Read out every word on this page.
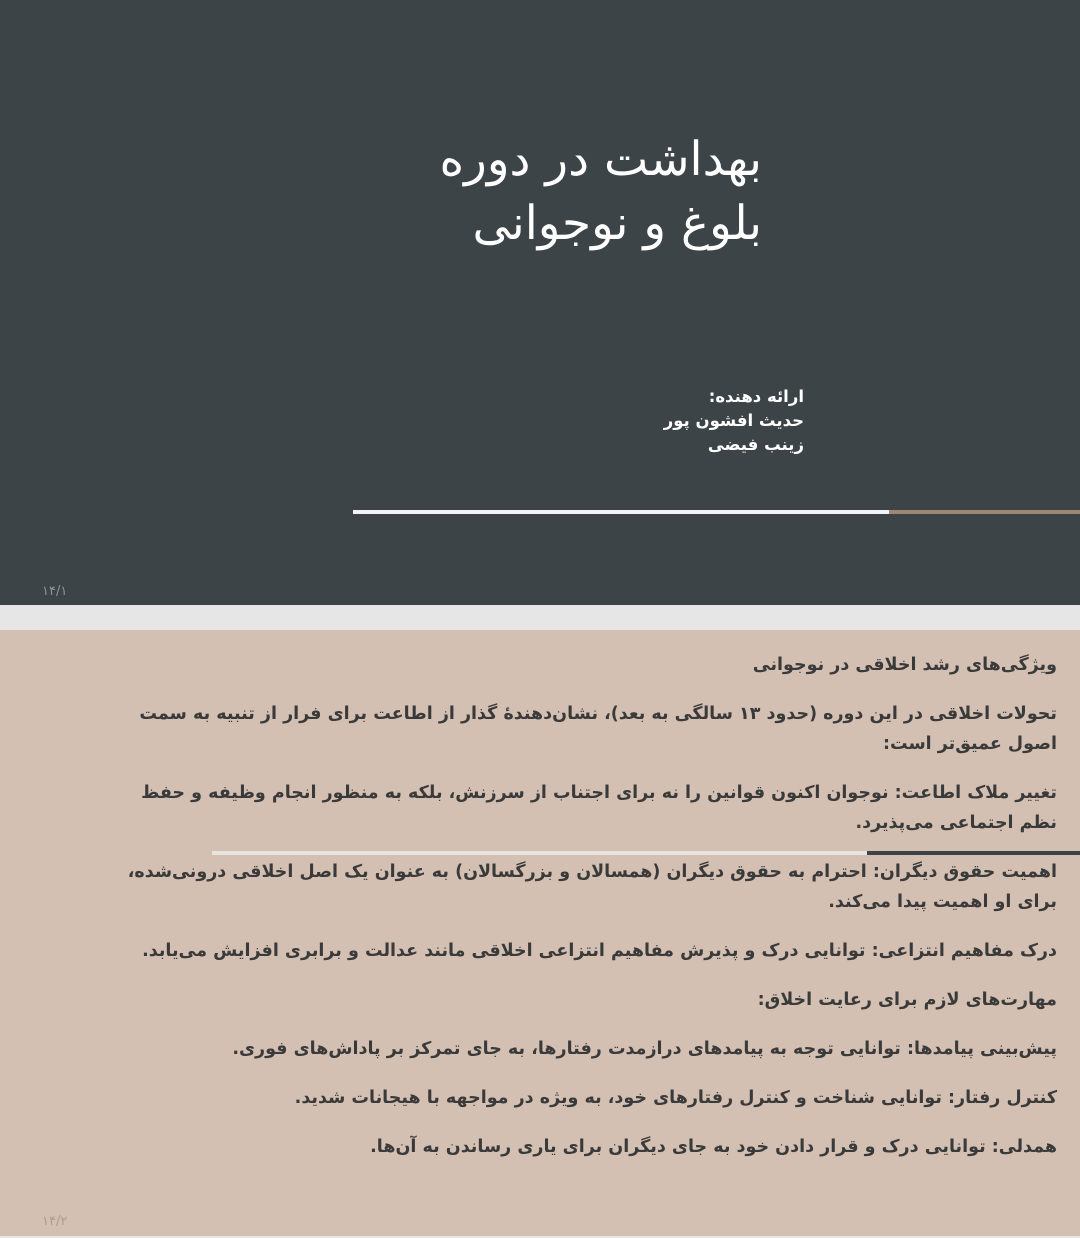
بهداشت در دوره
بلوغ و نوجوانی
ارائه دهنده:
حدیث افشون پور
زینب فیضی
۱۴/۱

ویژگی‌های رشد اخلاقی در نوجوانی

تحولات اخلاقی در این دوره (حدود ۱۳ سالگی به بعد)، نشان‌دهندهٔ گذار از اطاعت برای فرار از تنبیه به سمت اصول عمیق‌تر است:

تغییر ملاک اطاعت: نوجوان اکنون قوانین را نه برای اجتناب از سرزنش، بلکه به منظور انجام وظیفه و حفظ نظم اجتماعی می‌پذیرد.

اهمیت حقوق دیگران: احترام به حقوق دیگران (همسالان و بزرگسالان) به عنوان یک اصل اخلاقی درونی‌شده، برای او اهمیت پیدا می‌کند.

درک مفاهیم انتزاعی: توانایی درک و پذیرش مفاهیم انتزاعی اخلاقی مانند عدالت و برابری افزایش می‌یابد.

مهارت‌های لازم برای رعایت اخلاق:

پیش‌بینی پیامدها: توانایی توجه به پیامدهای درازمدت رفتارها، به جای تمرکز بر پاداش‌های فوری.

کنترل رفتار: توانایی شناخت و کنترل رفتارهای خود، به ویژه در مواجهه با هیجانات شدید.

همدلی: توانایی درک و قرار دادن خود به جای دیگران برای یاری رساندن به آن‌ها.

۱۴/۲
